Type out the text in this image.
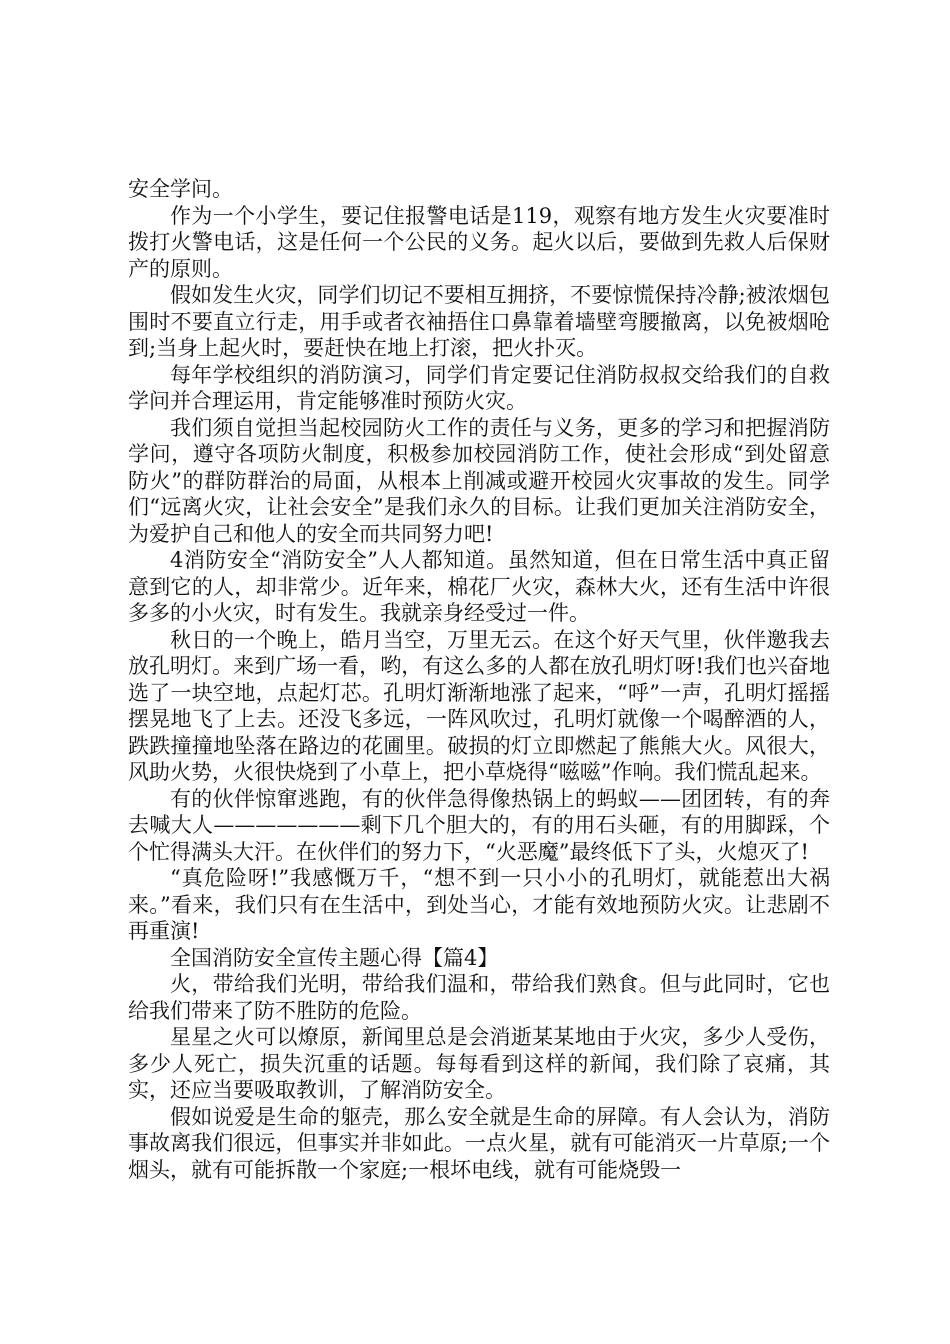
安全学问。

作为一个小学生，要记住报警电话是119，观察有地方发生火灾要准时拨打火警电话，这是任何一个公民的义务。起火以后，要做到先救人后保财产的原则。

假如发生火灾，同学们切记不要相互拥挤，不要惊慌保持冷静;被浓烟包围时不要直立行走，用手或者衣袖捂住口鼻靠着墙壁弯腰撤离，以免被烟呛到;当身上起火时，要赶快在地上打滚，把火扑灭。

每年学校组织的消防演习，同学们肯定要记住消防叔叔交给我们的自救学问并合理运用，肯定能够准时预防火灾。

我们须自觉担当起校园防火工作的责任与义务，更多的学习和把握消防学问，遵守各项防火制度，积极参加校园消防工作，使社会形成“到处留意防火”的群防群治的局面，从根本上削减或避开校园火灾事故的发生。同学们“远离火灾，让社会安全”是我们永久的目标。让我们更加关注消防安全，为爱护自己和他人的安全而共同努力吧!

4消防安全“消防安全”人人都知道。虽然知道，但在日常生活中真正留意到它的人，却非常少。近年来，棉花厂火灾，森林大火，还有生活中许很多多的小火灾，时有发生。我就亲身经受过一件。

秋日的一个晚上，皓月当空，万里无云。在这个好天气里，伙伴邀我去放孔明灯。来到广场一看，哟，有这么多的人都在放孔明灯呀!我们也兴奋地选了一块空地，点起灯芯。孔明灯渐渐地涨了起来，“呼”一声，孔明灯摇摇摆晃地飞了上去。还没飞多远，一阵风吹过，孔明灯就像一个喝醉酒的人，跌跌撞撞地坠落在路边的花圃里。破损的灯立即燃起了熊熊大火。风很大，风助火势，火很快烧到了小草上，把小草烧得“嗞嗞”作响。我们慌乱起来。

有的伙伴惊窜逃跑，有的伙伴急得像热锅上的蚂蚁——团团转，有的奔去喊大人———————剩下几个胆大的，有的用石头砸，有的用脚踩，个个忙得满头大汗。在伙伴们的努力下，“火恶魔”最终低下了头，火熄灭了!

“真危险呀!”我感慨万千，“想不到一只小小的孔明灯，就能惹出大祸来。”看来，我们只有在生活中，到处当心，才能有效地预防火灾。让悲剧不再重演!

全国消防安全宣传主题心得【篇4】

火，带给我们光明，带给我们温和，带给我们熟食。但与此同时，它也给我们带来了防不胜防的危险。

星星之火可以燎原，新闻里总是会消逝某某地由于火灾，多少人受伤，多少人死亡，损失沉重的话题。每每看到这样的新闻，我们除了哀痛，其实，还应当要吸取教训，了解消防安全。

假如说爱是生命的躯壳，那么安全就是生命的屏障。有人会认为，消防事故离我们很远，但事实并非如此。一点火星，就有可能消灭一片草原;一个烟头，就有可能拆散一个家庭;一根坏电线，就有可能烧毁一
